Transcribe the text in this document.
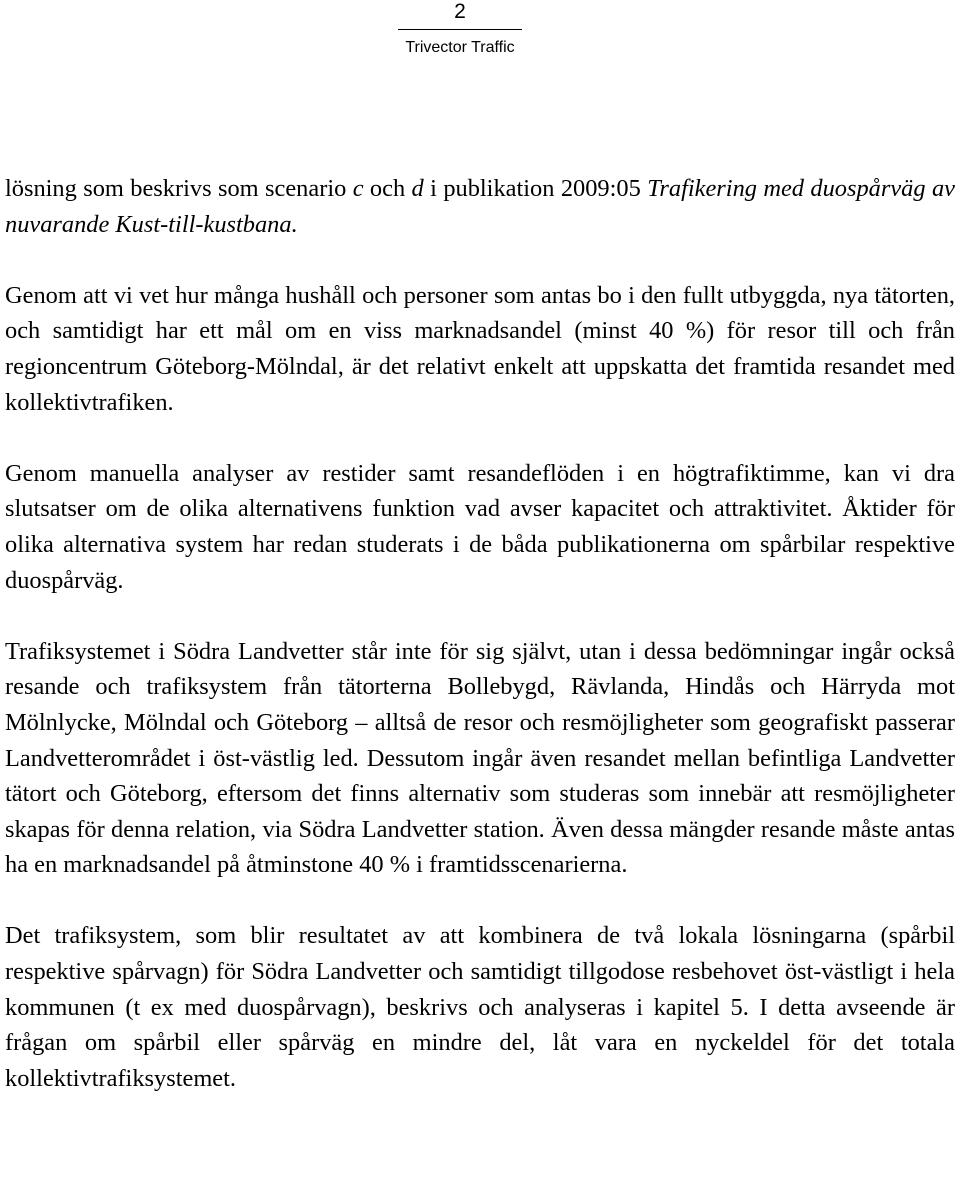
2
Trivector Traffic

lösning som beskrivs som scenario c och d i publikation 2009:05 Trafikering med duospårväg av nuvarande Kust-till-kustbana.

Genom att vi vet hur många hushåll och personer som antas bo i den fullt utbyggda, nya tätorten, och samtidigt har ett mål om en viss marknadsandel (minst 40 %) för resor till och från regioncentrum Göteborg-Mölndal, är det relativt enkelt att uppskatta det framtida resandet med kollektivtrafiken.

Genom manuella analyser av restider samt resandeflöden i en högtrafiktimme, kan vi dra slutsatser om de olika alternativens funktion vad avser kapacitet och attraktivitet. Åktider för olika alternativa system har redan studerats i de båda publikationerna om spårbilar respektive duospårväg.

Trafiksystemet i Södra Landvetter står inte för sig självt, utan i dessa bedömningar ingår också resande och trafiksystem från tätorterna Bollebygd, Rävlanda, Hindås och Härryda mot Mölnlycke, Mölndal och Göteborg – alltså de resor och resmöjligheter som geografiskt passerar Landvetterområdet i öst-västlig led. Dessutom ingår även resandet mellan befintliga Landvetter tätort och Göteborg, eftersom det finns alternativ som studeras som innebär att resmöjligheter skapas för denna relation, via Södra Landvetter station. Även dessa mängder resande måste antas ha en marknadsandel på åtminstone 40 % i framtidsscenarierna.

Det trafiksystem, som blir resultatet av att kombinera de två lokala lösningarna (spårbil respektive spårvagn) för Södra Landvetter och samtidigt tillgodose resbehovet öst-västligt i hela kommunen (t ex med duospårvagn), beskrivs och analyseras i kapitel 5. I detta avseende är frågan om spårbil eller spårväg en mindre del, låt vara en nyckeldel för det totala kollektivtrafiksystemet.
